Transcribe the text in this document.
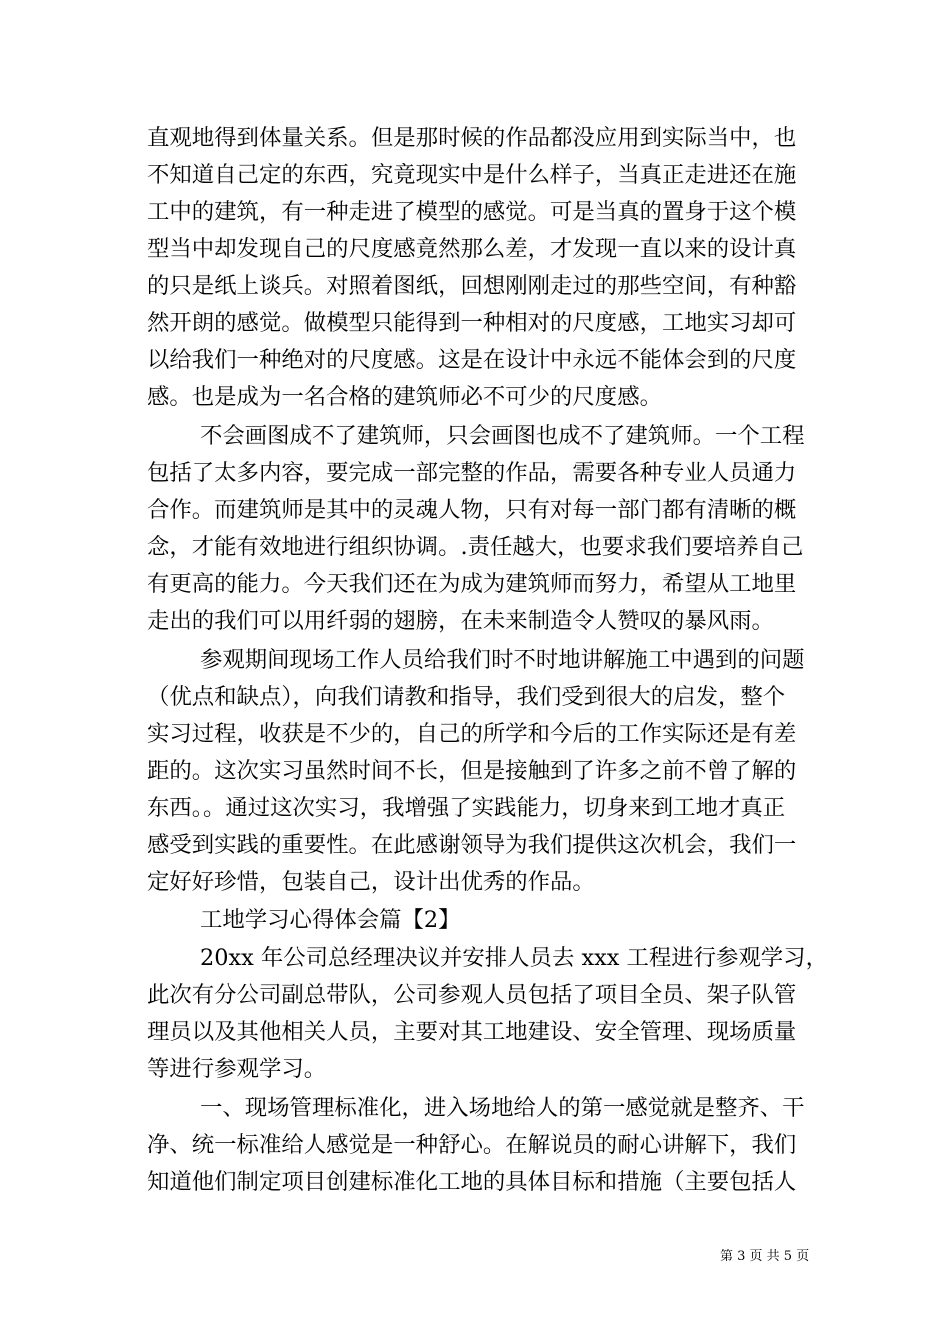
直观地得到体量关系。但是那时候的作品都没应用到实际当中，也
不知道自己定的东西，究竟现实中是什么样子，当真正走进还在施
工中的建筑，有一种走进了模型的感觉。可是当真的置身于这个模
型当中却发现自己的尺度感竟然那么差，才发现一直以来的设计真
的只是纸上谈兵。对照着图纸，回想刚刚走过的那些空间，有种豁
然开朗的感觉。做模型只能得到一种相对的尺度感，工地实习却可
以给我们一种绝对的尺度感。这是在设计中永远不能体会到的尺度
感。也是成为一名合格的建筑师必不可少的尺度感。
不会画图成不了建筑师，只会画图也成不了建筑师。一个工程
包括了太多内容，要完成一部完整的作品，需要各种专业人员通力
合作。而建筑师是其中的灵魂人物，只有对每一部门都有清晰的概
念，才能有效地进行组织协调。.责任越大，也要求我们要培养自己
有更高的能力。今天我们还在为成为建筑师而努力，希望从工地里
走出的我们可以用纤弱的翅膀，在未来制造令人赞叹的暴风雨。
参观期间现场工作人员给我们时不时地讲解施工中遇到的问题
（优点和缺点），向我们请教和指导，我们受到很大的启发，整个
实习过程，收获是不少的，自己的所学和今后的工作实际还是有差
距的。这次实习虽然时间不长，但是接触到了许多之前不曾了解的
东西。。通过这次实习，我增强了实践能力，切身来到工地才真正
感受到实践的重要性。在此感谢领导为我们提供这次机会，我们一
定好好珍惜，包装自己，设计出优秀的作品。
工地学习心得体会篇【2】
20xx 年公司总经理决议并安排人员去 xxx 工程进行参观学习，
此次有分公司副总带队，公司参观人员包括了项目全员、架子队管
理员以及其他相关人员，主要对其工地建设、安全管理、现场质量
等进行参观学习。
一、现场管理标准化，进入场地给人的第一感觉就是整齐、干
净、统一标准给人感觉是一种舒心。在解说员的耐心讲解下，我们
知道他们制定项目创建标准化工地的具体目标和措施（主要包括人
第 3 页 共 5 页
